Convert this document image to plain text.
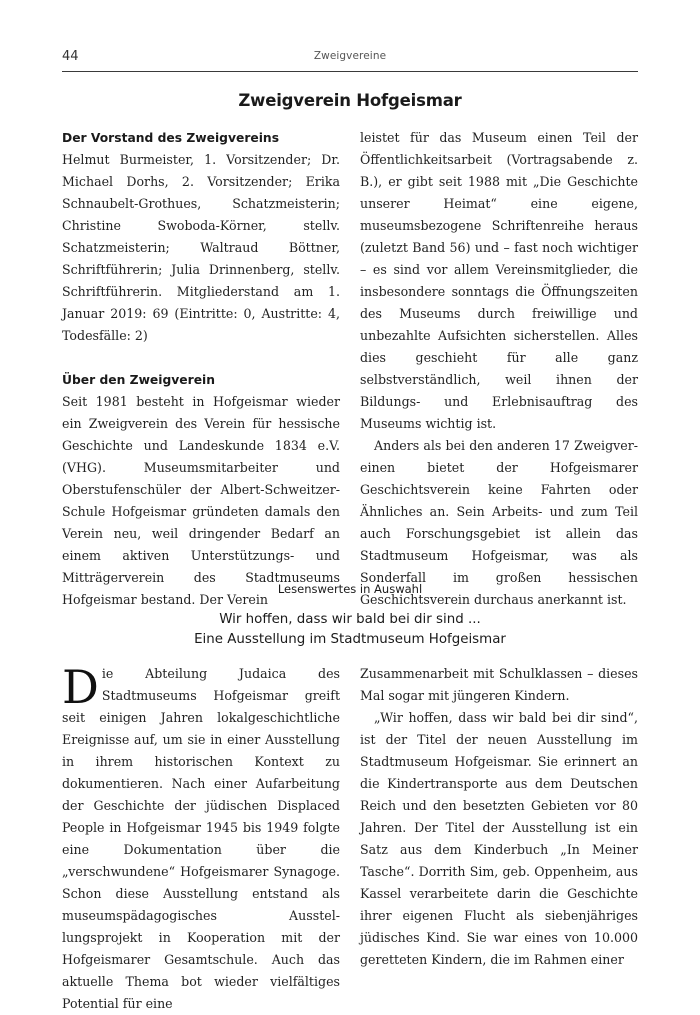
44	Zweigvereine
Zweigverein Hofgeismar
Der Vorstand des Zweigvereins

Helmut Burmeister, 1. Vorsitzender; Dr. Michael Dorhs, 2. Vorsitzender; Erika Schnaubelt-Grothues, Schatzmeisterin; Christine Swoboda-Körner, stellv. Schatzmeisterin; Waltraud Böttner, Schriftführerin; Julia Drinnenberg, stellv. Schriftführerin. Mitgliederstand am 1. Januar 2019: 69 (Eintritte: 0, Austritte: 4, Todesfälle: 2)

Über den Zweigverein

Seit 1981 besteht in Hofgeismar wieder ein Zweigverein des Verein für hessische Geschichte und Landeskunde 1834 e.V. (VHG). Museumsmitarbeiter und Oberstufenschüler der Albert-Schweitzer-Schule Hofgeismar gründeten damals den Verein neu, weil dringender Bedarf an einem aktiven Unterstützungs- und Mitträgerverein des Stadtmuseums Hofgeismar bestand. Der Verein

leistet für das Museum einen Teil der Öffentlichkeitsarbeit (Vortragsabende z. B.), er gibt seit 1988 mit „Die Geschichte unserer Heimat“ eine eigene, museumsbezogene Schriftenreihe heraus (zuletzt Band 56) und – fast noch wichtiger – es sind vor allem Vereinsmitglieder, die insbesondere sonntags die Öffnungszeiten des Museums durch freiwillige und unbezahlte Aufsichten sicherstellen. Alles dies geschieht für alle ganz selbstverständlich, weil ihnen der Bildungs- und Erlebnisauftrag des Museums wichtig ist.

Anders als bei den anderen 17 Zweigvereinen bietet der Hofgeismarer Geschichtsverein keine Fahrten oder Ähnliches an. Sein Arbeits- und zum Teil auch Forschungsgebiet ist allein das Stadtmuseum Hofgeismar, was als Sonderfall im großen hessischen Geschichtsverein durchaus anerkannt ist.

Lesenswertes in Auswahl
Wir hoffen, dass wir bald bei dir sind ...
Eine Ausstellung im Stadtmuseum Hofgeismar

Die Abteilung Judaica des Stadtmuseums Hofgeismar greift seit einigen Jahren lokalgeschichtliche Ereignisse auf, um sie in einer Ausstellung in ihrem historischen Kontext zu dokumentieren. Nach einer Aufarbeitung der Geschichte der jüdischen Displaced People in Hofgeismar 1945 bis 1949 folgte eine Dokumentation über die „verschwundene“ Hofgeismarer Synagoge. Schon diese Ausstellung entstand als museumspädagogisches Ausstellungsprojekt in Kooperation mit der Hofgeismarer Gesamtschule. Auch das aktuelle Thema bot wieder vielfältiges Potential für eine

Zusammenarbeit mit Schulklassen – dieses Mal sogar mit jüngeren Kindern.

„Wir hoffen, dass wir bald bei dir sind“, ist der Titel der neuen Ausstellung im Stadtmuseum Hofgeismar. Sie erinnert an die Kindertransporte aus dem Deutschen Reich und den besetzten Gebieten vor 80 Jahren. Der Titel der Ausstellung ist ein Satz aus dem Kinderbuch „In Meiner Tasche“. Dorrith Sim, geb. Oppenheim, aus Kassel verarbeitete darin die Geschichte ihrer eigenen Flucht als siebenjähriges jüdisches Kind. Sie war eines von 10.000 geretteten Kindern, die im Rahmen einer
